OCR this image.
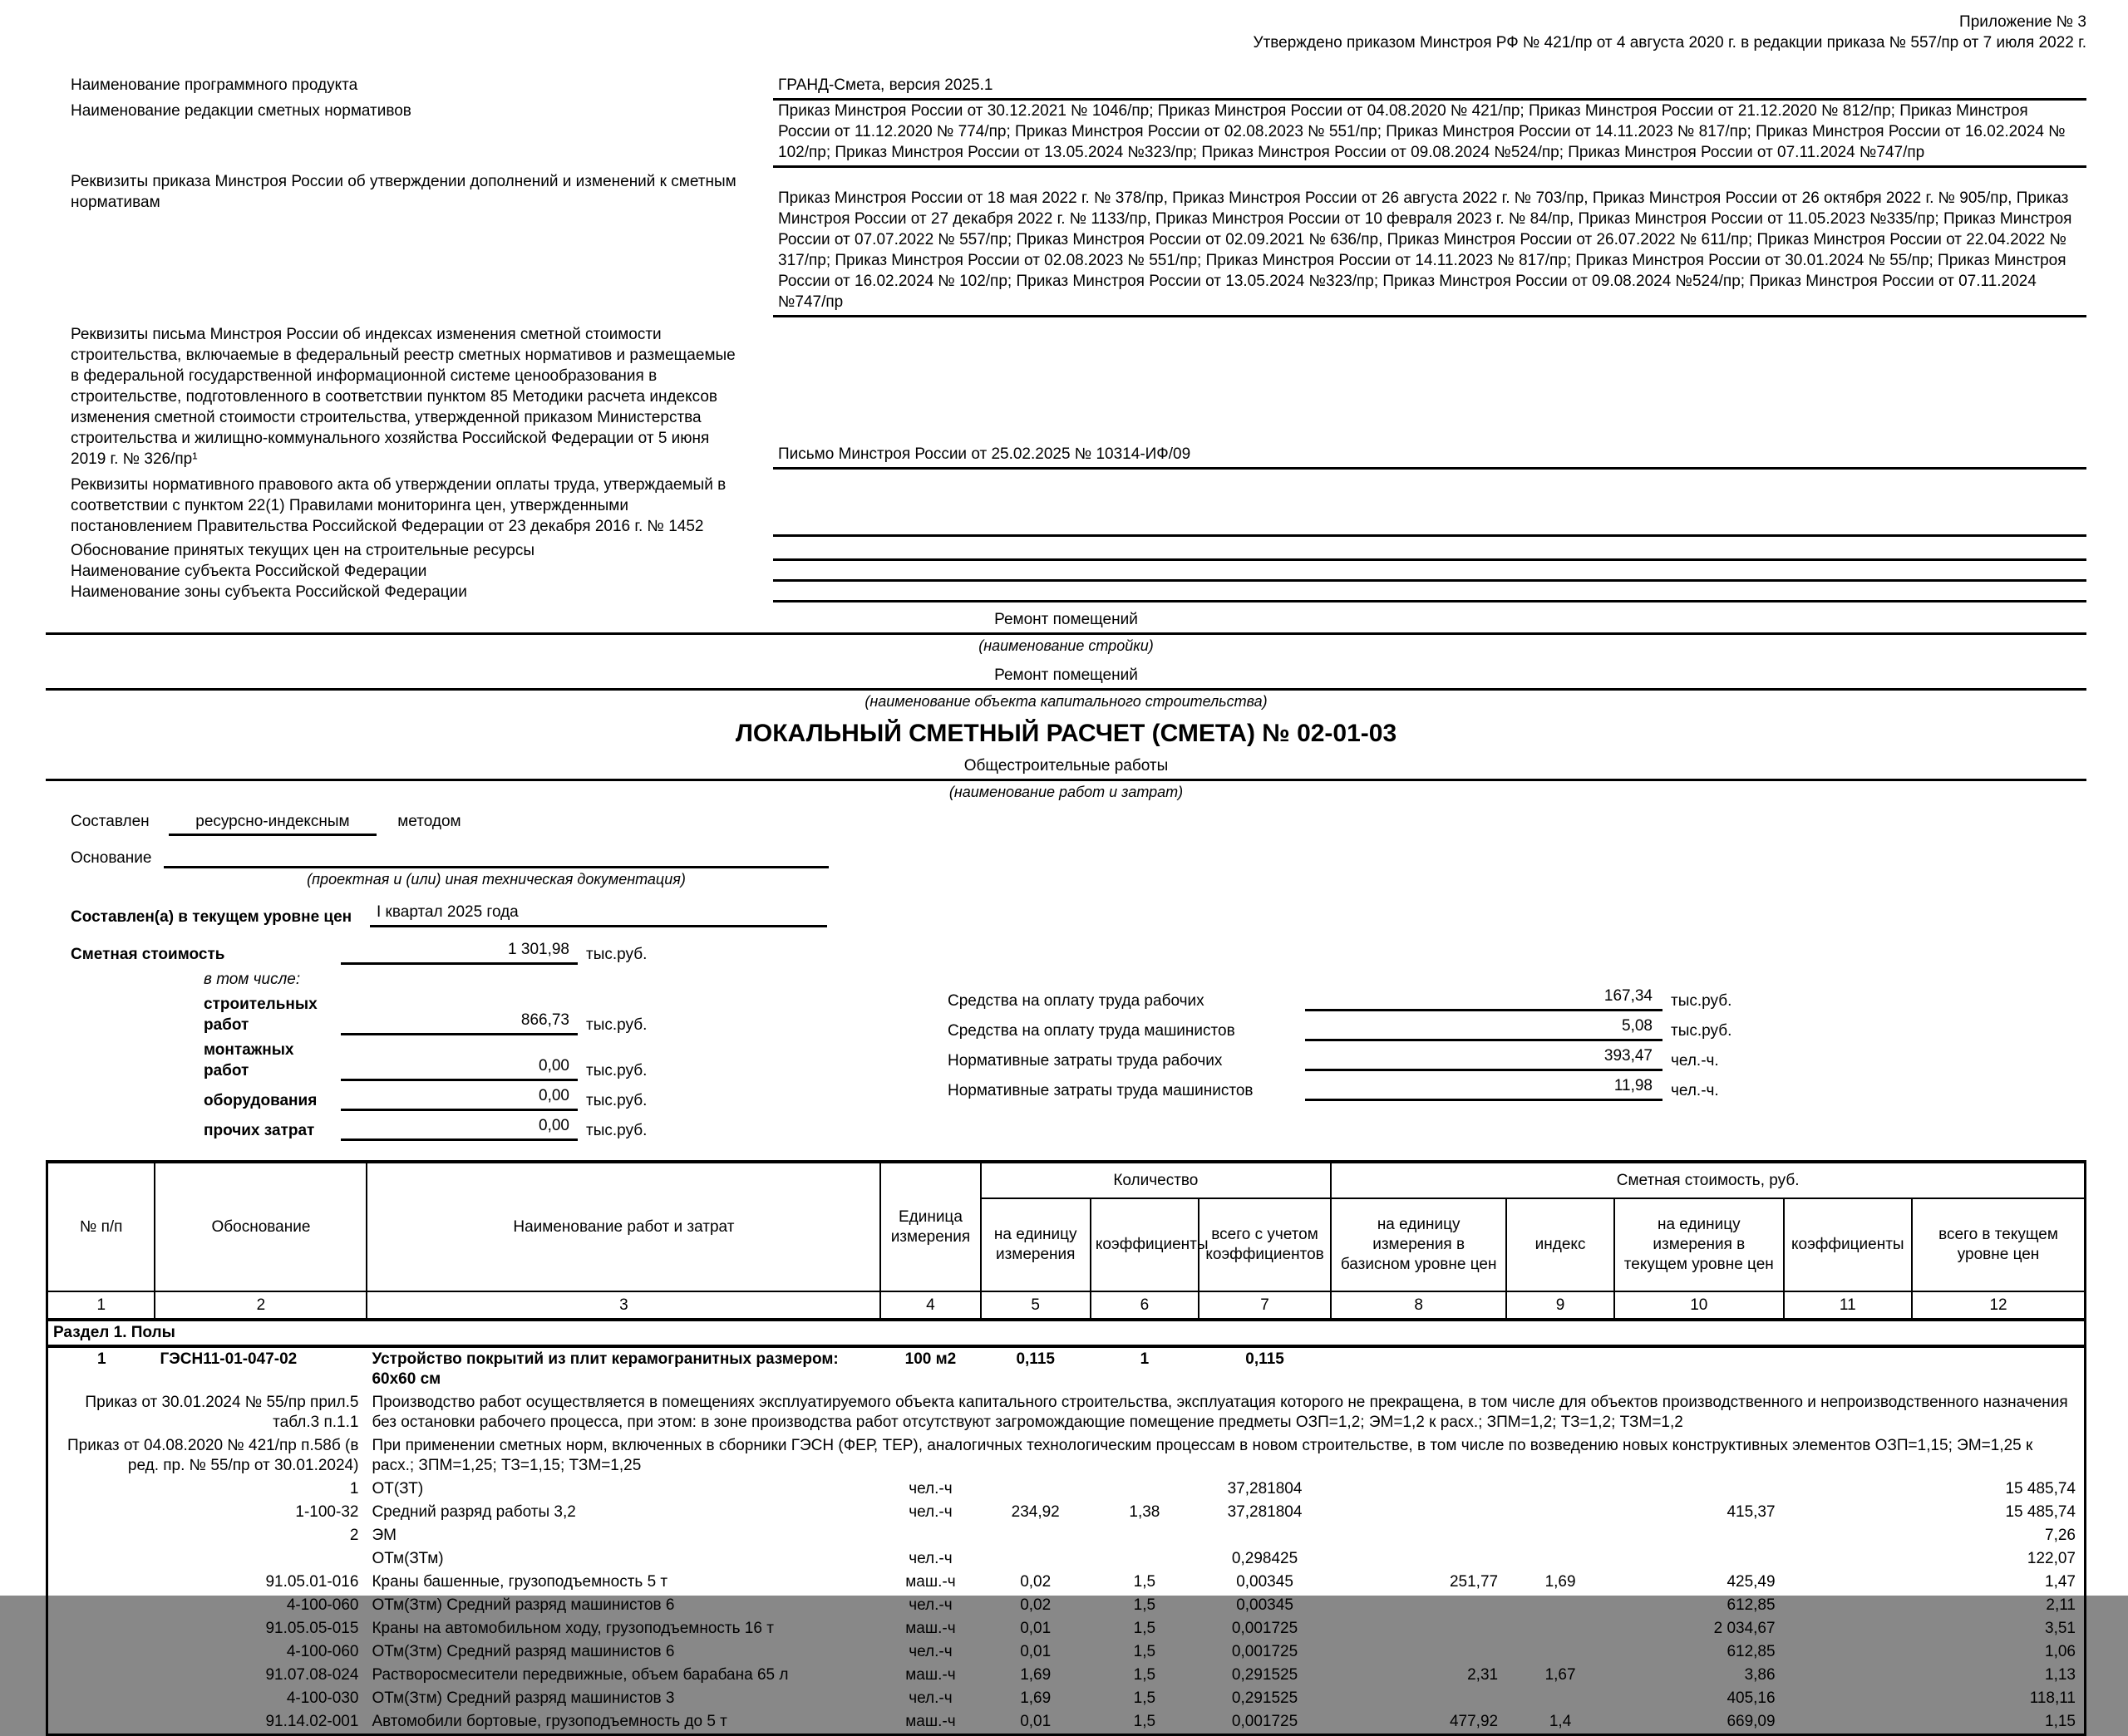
Приложение № 3
Утверждено приказом Минстроя РФ № 421/пр от 4 августа 2020 г. в редакции приказа № 557/пр от 7 июля 2022 г.
Наименование программного продукта	ГРАНД-Смета, версия 2025.1
Наименование редакции сметных нормативов	Приказ Минстроя России от 30.12.2021 № 1046/пр; Приказ Минстроя России от 04.08.2020 № 421/пр; Приказ Минстроя России от 21.12.2020 № 812/пр; Приказ Минстроя России от 11.12.2020 № 774/пр; Приказ Минстроя России от 02.08.2023 № 551/пр; Приказ Минстроя России от 14.11.2023 № 817/пр; Приказ Минстроя России от 16.02.2024 № 102/пр; Приказ Минстроя России от 13.05.2024 №323/пр; Приказ Минстроя России от 09.08.2024 №524/пр; Приказ Минстроя России от 07.11.2024 №747/пр
Реквизиты приказа Минстроя России об утверждении дополнений и изменений к сметным нормативам	Приказ Минстроя России от 18 мая 2022 г. № 378/пр, Приказ Минстроя России от 26 августа 2022 г. № 703/пр, Приказ Минстроя России от 26 октября 2022 г. № 905/пр, Приказ Минстроя России от 27 декабря 2022 г. № 1133/пр, Приказ Минстроя России от 10 февраля 2023 г. № 84/пр, Приказ Минстроя России от 11.05.2023 №335/пр; Приказ Минстроя России от 07.07.2022 № 557/пр; Приказ Минстроя России от 02.09.2021 № 636/пр, Приказ Минстроя России от 26.07.2022 № 611/пр; Приказ Минстроя России от 22.04.2022 № 317/пр; Приказ Минстроя России от 02.08.2023 № 551/пр; Приказ Минстроя России от 14.11.2023 № 817/пр; Приказ Минстроя России от 30.01.2024 № 55/пр; Приказ Минстроя России от 16.02.2024 № 102/пр; Приказ Минстроя России от 13.05.2024 №323/пр; Приказ Минстроя России от 09.08.2024 №524/пр; Приказ Минстроя России от 07.11.2024 №747/пр
Реквизиты письма Минстроя России об индексах изменения сметной стоимости строительства, включаемые в федеральный реестр сметных нормативов и размещаемые в федеральной государственной информационной системе ценообразования в строительстве, подготовленного в соответствии пунктом 85 Методики расчета индексов изменения сметной стоимости строительства, утвержденной приказом Министерства строительства и жилищно-коммунального хозяйства Российской Федерации от 5 июня 2019 г. № 326/пр¹	Письмо Минстроя России от 25.02.2025 № 10314-ИФ/09
Реквизиты нормативного правового акта об утверждении оплаты труда, утверждаемый в соответствии с пунктом 22(1) Правилами мониторинга цен, утвержденными постановлением Правительства Российской Федерации от 23 декабря 2016 г. № 1452
Обоснование принятых текущих цен на строительные ресурсы
Наименование субъекта Российской Федерации
Наименование зоны субъекта Российской Федерации
Ремонт помещений
(наименование стройки)
Ремонт помещений
(наименование объекта капитального строительства)
ЛОКАЛЬНЫЙ СМЕТНЫЙ РАСЧЕТ (СМЕТА) № 02-01-03
Общестроительные работы
(наименование работ и затрат)
Составлен	ресурсно-индексным	методом
Основание
(проектная и (или) иная техническая документация)
Составлен(а) в текущем уровне цен	I квартал 2025 года
Сметная стоимость	1 301,98	тыс.руб.
в том числе:
строительных работ	866,73	тыс.руб.
монтажных работ	0,00	тыс.руб.
оборудования	0,00	тыс.руб.
прочих затрат	0,00	тыс.руб.
Средства на оплату труда рабочих	167,34	тыс.руб.
Средства на оплату труда машинистов	5,08	тыс.руб.
Нормативные затраты труда рабочих	393,47	чел.-ч.
Нормативные затраты труда машинистов	11,98	чел.-ч.
№ п/п	Обоснование	Наименование работ и затрат	Единица измерения	Количество			Сметная стоимость, руб.				
				на единицу измерения	коэффициенты	всего с учетом коэффициентов	на единицу измерения в базисном уровне цен	индекс	на единицу измерения в текущем уровне цен	коэффициенты	всего в текущем уровне цен
1	2	3	4	5	6	7	8	9	10	11	12
Раздел 1. Полы											
1	ГЭСН11-01-047-02	Устройство покрытий из плит керамогранитных размером: 60x60 см	100 м2	0,115	1	0,115					
Приказ от 30.01.2024 № 55/пр прил.5 табл.3 п.1.1		Производство работ осуществляется в помещениях эксплуатируемого объекта капитального строительства, эксплуатация которого не прекращена, в том числе для объектов производственного и непроизводственного назначения без остановки рабочего процесса, при этом: в зоне производства работ отсутствуют загромождающие помещение предметы ОЗП=1,2; ЭМ=1,2 к расх.; ЗПМ=1,2; ТЗ=1,2; ТЗМ=1,2									
Приказ от 04.08.2020 № 421/пр п.58б (в ред. пр. № 55/пр от 30.01.2024)		При применении сметных норм, включенных в сборники ГЭСН (ФЕР, ТЕР), аналогичных технологическим процессам в новом строительстве, в том числе по возведению новых конструктивных элементов ОЗП=1,15; ЭМ=1,25 к расх.; ЗПМ=1,25; ТЗ=1,15; ТЗМ=1,25									
1		ОТ(ЗТ)	чел.-ч			37,281804					15 485,74
1-100-32		Средний разряд работы 3,2	чел.-ч	234,92	1,38	37,281804			415,37		15 485,74
2		ЭМ									7,26
		ОТм(ЗТм)	чел.-ч			0,298425					122,07
91.05.01-016		Краны башенные, грузоподъемность 5 т	маш.-ч	0,02	1,5	0,00345	251,77	1,69	425,49		1,47
4-100-060		ОТм(Зтм) Средний разряд машинистов 6	чел.-ч	0,02	1,5	0,00345			612,85		2,11
91.05.05-015		Краны на автомобильном ходу, грузоподъемность 16 т	маш.-ч	0,01	1,5	0,001725			2 034,67		3,51
4-100-060		ОТм(Зтм) Средний разряд машинистов 6	чел.-ч	0,01	1,5	0,001725			612,85		1,06
91.07.08-024		Растворосмесители передвижные, объем барабана 65 л	маш.-ч	1,69	1,5	0,291525	2,31	1,67	3,86		1,13
4-100-030		ОТм(Зтм) Средний разряд машинистов 3	чел.-ч	1,69	1,5	0,291525			405,16		118,11
91.14.02-001		Автомобили бортовые, грузоподъемность до 5 т	маш.-ч	0,01	1,5	0,001725	477,92	1,4	669,09		1,15
